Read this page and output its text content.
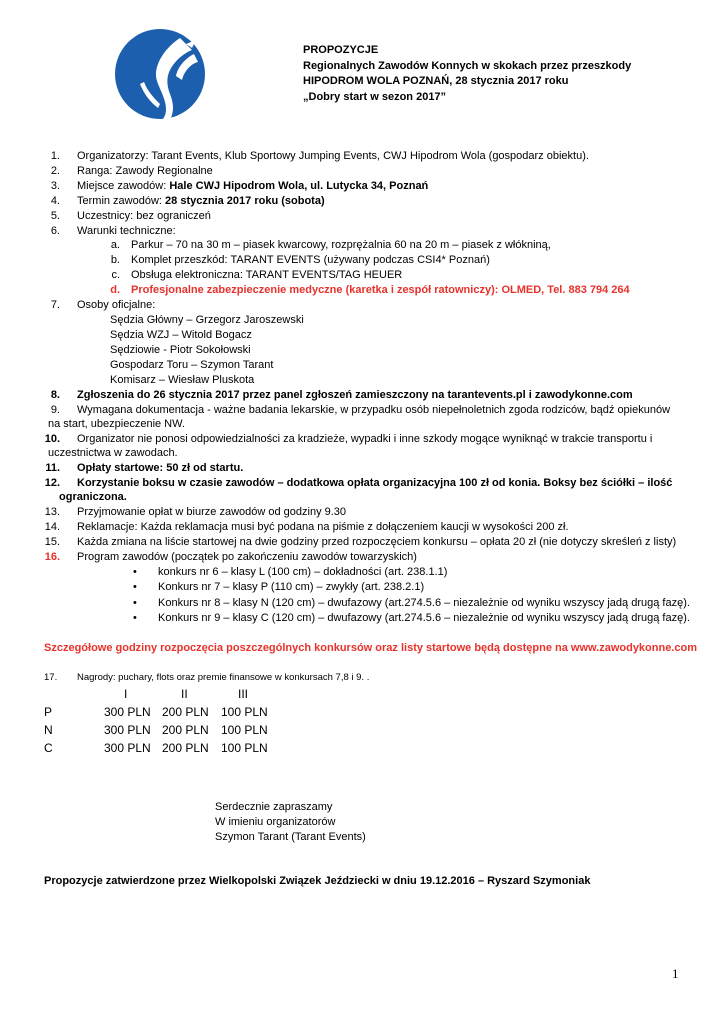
PROPOZYCJE
Regionalnych Zawodów Konnych w skokach przez przeszkody
HIPODROM WOLA POZNAŃ, 28 stycznia 2017 roku
„Dobry start w sezon 2017”
1. Organizatorzy: Tarant Events, Klub Sportowy Jumping Events, CWJ Hipodrom Wola (gospodarz obiektu).
2. Ranga: Zawody Regionalne
3. Miejsce zawodów: Hale CWJ Hipodrom Wola, ul. Lutycka 34, Poznań
4. Termin zawodów: 28 stycznia 2017 roku (sobota)
5. Uczestnicy: bez ograniczeń
6. Warunki techniczne:
a. Parkur – 70 na 30 m – piasek kwarcowy, rozprężalnia 60 na 20 m – piasek z włókniną,
b. Komplet przeszkód: TARANT EVENTS (używany podczas CSI4* Poznań)
c. Obsługa elektroniczna: TARANT EVENTS/TAG HEUER
d. Profesjonalne zabezpieczenie medyczne (karetka i zespół ratowniczy): OLMED, Tel. 883 794 264
7. Osoby oficjalne:
Sędzia Główny – Grzegorz Jaroszewski
Sędzia WZJ – Witold Bogacz
Sędziowie - Piotr Sokołowski
Gospodarz Toru – Szymon Tarant
Komisarz – Wiesław Pluskota
8. Zgłoszenia do 26 stycznia 2017 przez panel zgłoszeń zamieszczony na tarantevents.pl i zawodykonne.com
9. Wymagana dokumentacja - ważne badania lekarskie, w przypadku osób niepełnoletnich zgoda rodziców, bądź opiekunów
na start, ubezpieczenie NW.
10. Organizator nie ponosi odpowiedzialności za kradzieże, wypadki i inne szkody mogące wyniknąć w trakcie transportu i
uczestnictwa w zawodach.
11. Opłaty startowe: 50 zł od startu.
12. Korzystanie boksu w czasie zawodów – dodatkowa opłata organizacyjna 100 zł od konia. Boksy bez ściółki – ilość
ograniczona.
13. Przyjmowanie opłat w biurze zawodów od godziny 9.30
14. Reklamacje: Każda reklamacja musi być podana na piśmie z dołączeniem kaucji w wysokości 200 zł.
15. Każda zmiana na liście startowej na dwie godziny przed rozpoczęciem konkursu – opłata 20 zł (nie dotyczy skreśleń z listy)
16. Program zawodów (początek po zakończeniu zawodów towarzyskich)
• konkurs nr 6 – klasy L (100 cm) – dokładności (art. 238.1.1)
• Konkurs nr 7 – klasy P (110 cm) – zwykły (art. 238.2.1)
• Konkurs nr 8 – klasy N (120 cm) – dwufazowy (art.274.5.6 – niezależnie od wyniku wszyscy jadą drugą fazę).
• Konkurs nr 9 – klasy C (120 cm) – dwufazowy (art.274.5.6 – niezależnie od wyniku wszyscy jadą drugą fazę).
Szczegółowe godziny rozpoczęcia poszczególnych konkursów oraz listy startowe będą dostępne na www.zawodykonne.com
17. Nagrody: puchary, flots oraz premie finansowe w konkursach 7,8 i 9. .
I	II	III
P	300 PLN 200 PLN 100 PLN
N	300 PLN 200 PLN 100 PLN
C	300 PLN 200 PLN 100 PLN
Serdecznie zapraszamy
W imieniu organizatorów
Szymon Tarant (Tarant Events)
Propozycje zatwierdzone przez Wielkopolski Związek Jeździecki w dniu 19.12.2016 – Ryszard Szymoniak
1
